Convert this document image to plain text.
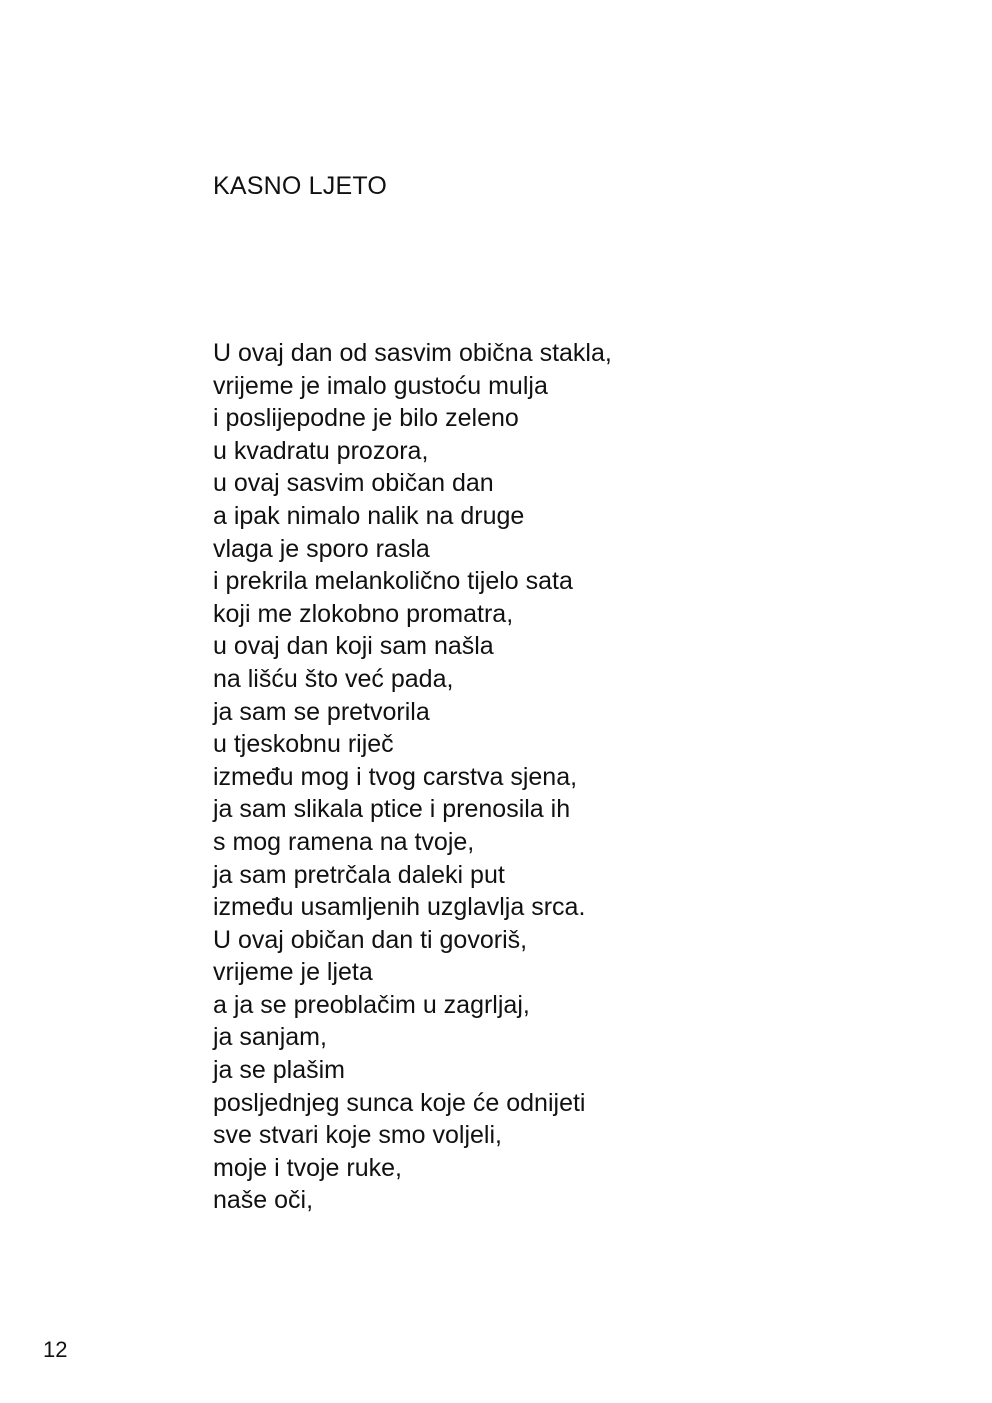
KASNO LJETO
U ovaj dan od sasvim obična stakla,
vrijeme je imalo gustoću mulja
i poslijepodne je bilo zeleno
u kvadratu prozora,
u ovaj sasvim običan dan
a ipak nimalo nalik na druge
vlaga je sporo rasla
i prekrila melankolično tijelo sata
koji me zlokobno promatra,
u ovaj dan koji sam našla
na lišću što već pada,
ja sam se pretvorila
u tjeskobnu riječ
između mog i tvog carstva sjena,
ja sam slikala ptice i prenosila ih
s mog ramena na tvoje,
ja sam pretrčala daleki put
između usamljenih uzglavlja srca.
U ovaj običan dan ti govoriš,
vrijeme je ljeta
a ja se preoblačim u zagrljaj,
ja sanjam,
ja se plašim
posljednjeg sunca koje će odnijeti
sve stvari koje smo voljeli,
moje i tvoje ruke,
naše oči,
12
